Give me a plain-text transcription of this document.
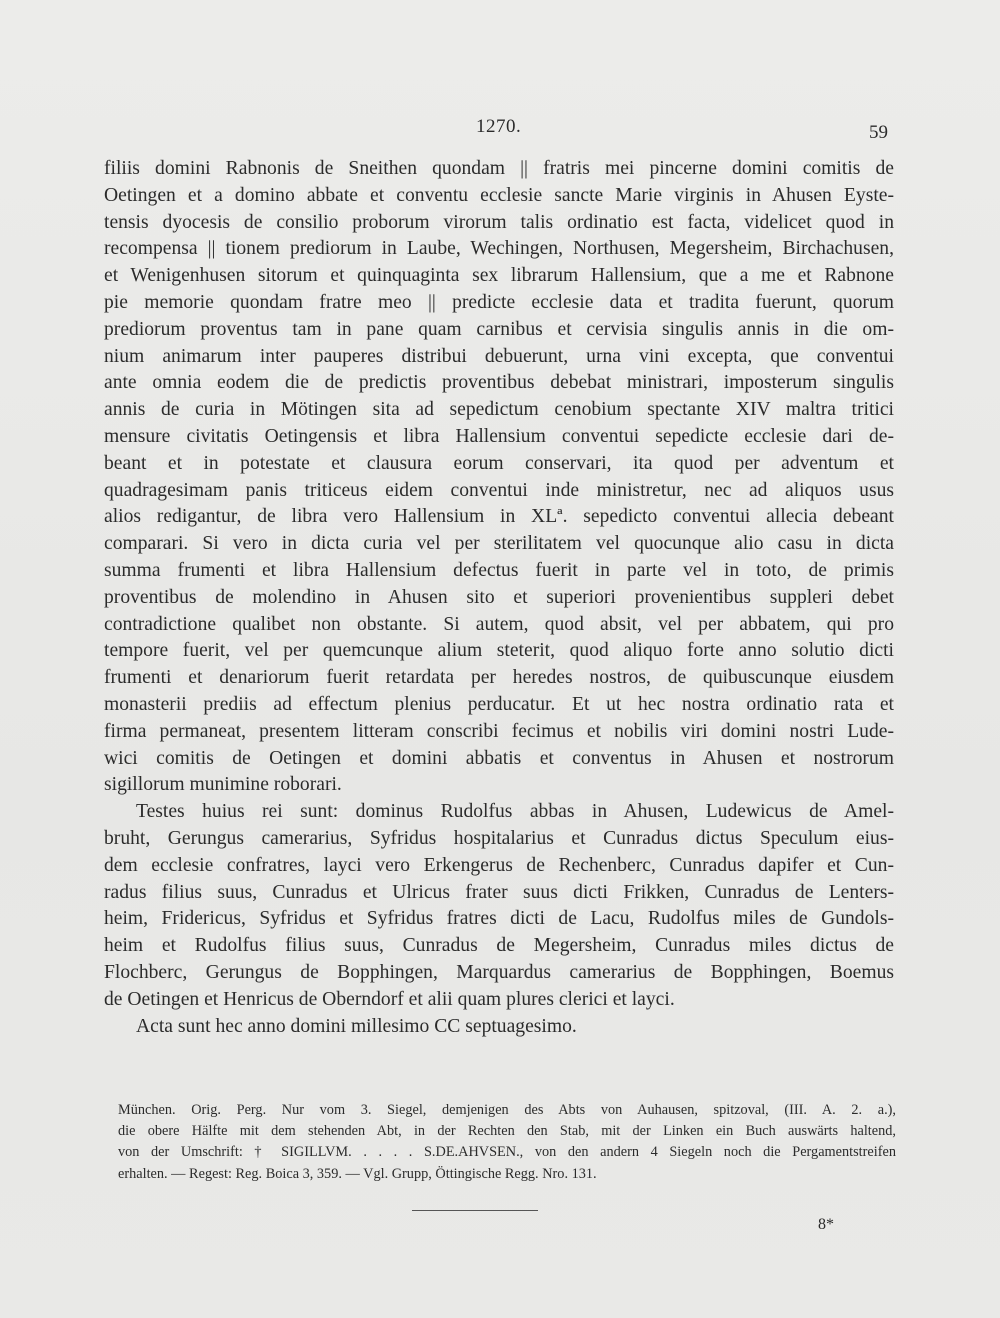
1270.	59
filiis domini Rabnonis de Sneithen quondam || fratris mei pincerne domini comitis de
Oetingen et a domino abbate et conventu ecclesie sancte Marie virginis in Ahusen Eyste-
tensis dyocesis de consilio proborum virorum talis ordinatio est facta, videlicet quod in
recompensa || tionem prediorum in Laube, Wechingen, Northusen, Megersheim, Birchachusen,
et Wenigenhusen sitorum et quinquaginta sex librarum Hallensium, que a me et Rabnone
pie memorie quondam fratre meo || predicte ecclesie data et tradita fuerunt, quorum
prediorum proventus tam in pane quam carnibus et cervisia singulis annis in die om-
nium animarum inter pauperes distribui debuerunt, urna vini excepta, que conventui
ante omnia eodem die de predictis proventibus debebat ministrari, imposterum singulis
annis de curia in Mötingen sita ad sepedictum cenobium spectante XIV maltra tritici
mensure civitatis Oetingensis et libra Hallensium conventui sepedicte ecclesie dari de-
beant et in potestate et clausura eorum conservari, ita quod per adventum et
quadragesimam panis triticeus eidem conventui inde ministretur, nec ad aliquos usus
alios redigantur, de libra vero Hallensium in XLª. sepedicto conventui allecia debeant
comparari. Si vero in dicta curia vel per sterilitatem vel quocunque alio casu in dicta
summa frumenti et libra Hallensium defectus fuerit in parte vel in toto, de primis
proventibus de molendino in Ahusen sito et superiori provenientibus suppleri debet
contradictione qualibet non obstante. Si autem, quod absit, vel per abbatem, qui pro
tempore fuerit, vel per quemcunque alium steterit, quod aliquo forte anno solutio dicti
frumenti et denariorum fuerit retardata per heredes nostros, de quibuscunque eiusdem
monasterii prediis ad effectum plenius perducatur. Et ut hec nostra ordinatio rata et
firma permaneat, presentem litteram conscribi fecimus et nobilis viri domini nostri Lude-
wici comitis de Oetingen et domini abbatis et conventus in Ahusen et nostrorum
sigillorum munimine roborari.
Testes huius rei sunt: dominus Rudolfus abbas in Ahusen, Ludewicus de Amel-
bruht, Gerungus camerarius, Syfridus hospitalarius et Cunradus dictus Speculum eius-
dem ecclesie confratres, layci vero Erkengerus de Rechenberc, Cunradus dapifer et Cun-
radus filius suus, Cunradus et Ulricus frater suus dicti Frikken, Cunradus de Lenters-
heim, Fridericus, Syfridus et Syfridus fratres dicti de Lacu, Rudolfus miles de Gundols-
heim et Rudolfus filius suus, Cunradus de Megersheim, Cunradus miles dictus de
Flochberc, Gerungus de Bopphingen, Marquardus camerarius de Bopphingen, Boemus
de Oetingen et Henricus de Oberndorf et alii quam plures clerici et layci.
Acta sunt hec anno domini millesimo CC septuagesimo.
München. Orig. Perg. Nur vom 3. Siegel, demjenigen des Abts von Auhausen, spitzoval, (III. A. 2. a.),
die obere Hälfte mit dem stehenden Abt, in der Rechten den Stab, mit der Linken ein Buch auswärts haltend,
von der Umschrift: † SIGILLVM. . . . . S.DE.AHVSEN., von den andern 4 Siegeln noch die Pergamentstreifen
erhalten. — Regest: Reg. Boica 3, 359. — Vgl. Grupp, Öttingische Regg. Nro. 131.
8*
